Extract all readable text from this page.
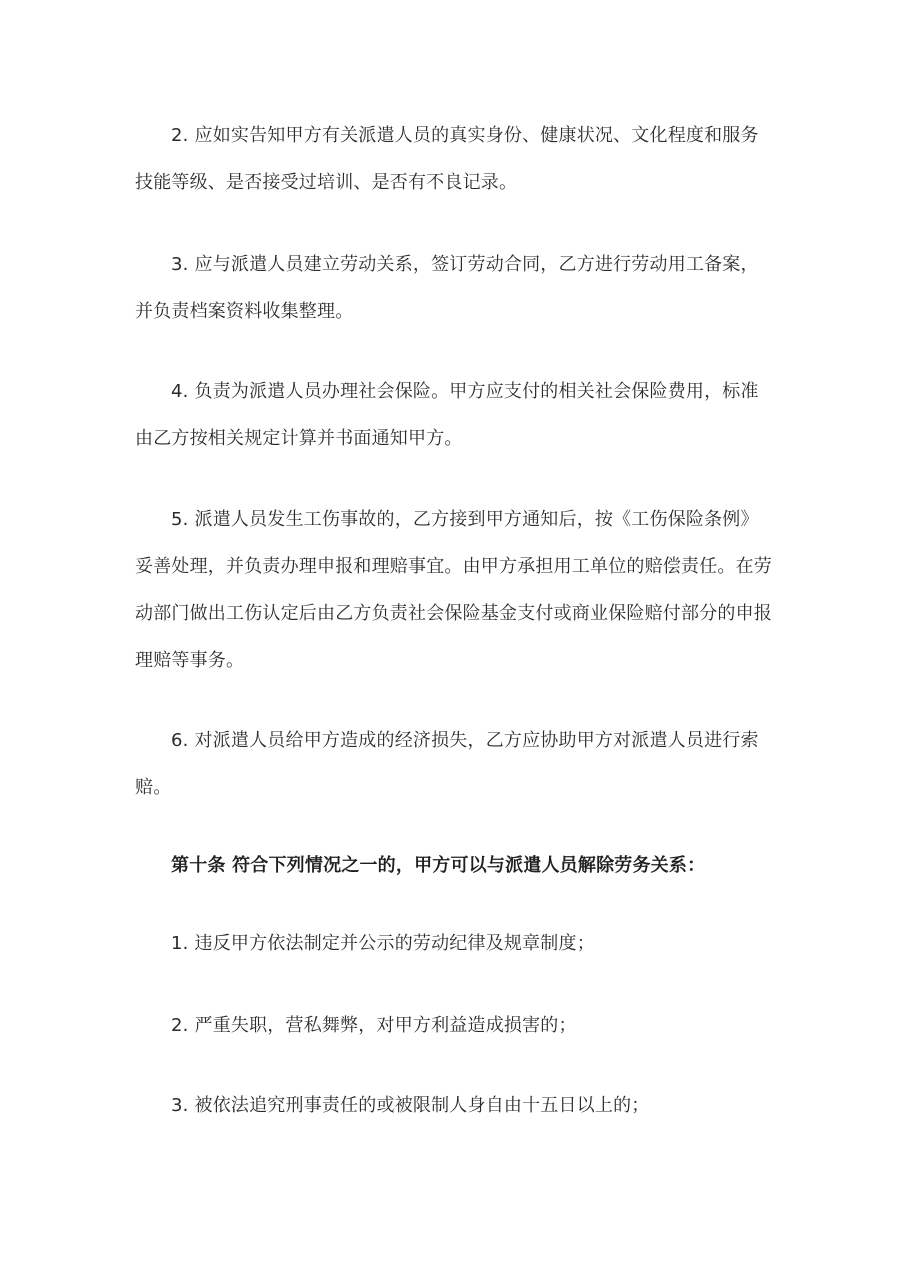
2. 应如实告知甲方有关派遣人员的真实身份、健康状况、文化程度和服务技能等级、是否接受过培训、是否有不良记录。

3. 应与派遣人员建立劳动关系，签订劳动合同，乙方进行劳动用工备案，并负责档案资料收集整理。

4. 负责为派遣人员办理社会保险。甲方应支付的相关社会保险费用，标准由乙方按相关规定计算并书面通知甲方。

5. 派遣人员发生工伤事故的，乙方接到甲方通知后，按《工伤保险条例》妥善处理，并负责办理申报和理赔事宜。由甲方承担用工单位的赔偿责任。在劳动部门做出工伤认定后由乙方负责社会保险基金支付或商业保险赔付部分的申报理赔等事务。

6. 对派遣人员给甲方造成的经济损失，乙方应协助甲方对派遣人员进行索赔。

第十条 符合下列情况之一的，甲方可以与派遣人员解除劳务关系：

1. 违反甲方依法制定并公示的劳动纪律及规章制度；

2. 严重失职，营私舞弊，对甲方利益造成损害的；

3. 被依法追究刑事责任的或被限制人身自由十五日以上的；
